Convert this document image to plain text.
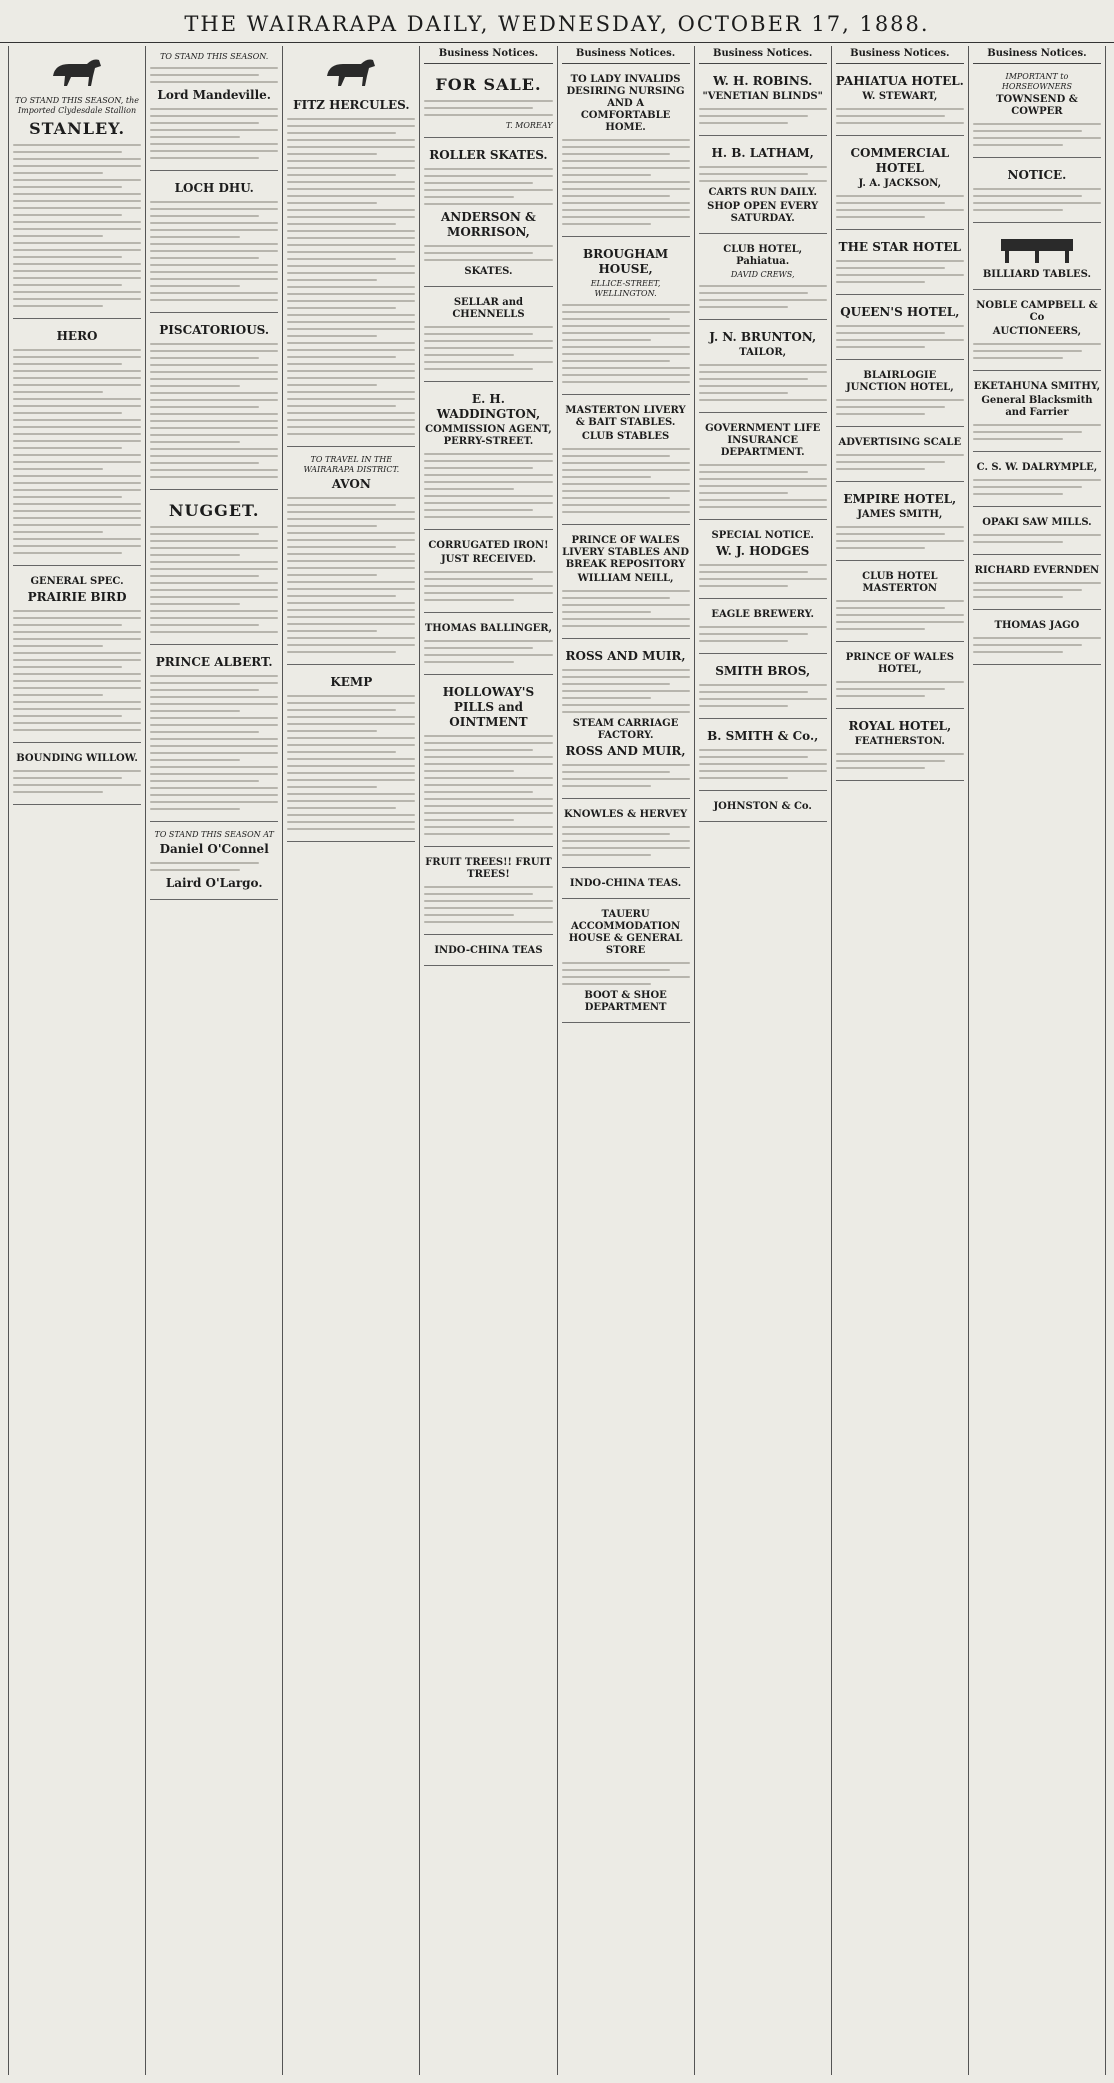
THE WAIRARAPA DAILY, WEDNESDAY, OCTOBER 17, 1888.
TO STAND THIS SEASON, the Imported Clydesdale Stallion
STANLEY.
HERO
GENERAL SPEC.
PRAIRIE BIRD
BOUNDING WILLOW.
TO STAND THIS SEASON.
Lord Mandeville.
LOCH DHU.
PISCATORIOUS.
NUGGET.
PRINCE ALBERT.
TO STAND THIS SEASON AT
Daniel O'Connel
Laird O'Largo.
FITZ HERCULES.
TO TRAVEL IN THE WAIRARAPA DISTRICT.
AVON
KEMP
Business Notices.
FOR SALE.
T. MOREAY
ROLLER SKATES.
ANDERSON & MORRISON,
SKATES.
SELLAR and CHENNELLS
E. H. WADDINGTON,
COMMISSION AGENT, PERRY-STREET.
CORRUGATED IRON!
JUST RECEIVED.
THOMAS BALLINGER,
HOLLOWAY'S PILLS and OINTMENT
FRUIT TREES!! FRUIT TREES!
INDO-CHINA TEAS
Business Notices.
TO LADY INVALIDS DESIRING NURSING AND A COMFORTABLE HOME.
BROUGHAM HOUSE,
ELLICE-STREET, WELLINGTON.
MASTERTON LIVERY & BAIT STABLES.
CLUB STABLES
PRINCE OF WALES LIVERY STABLES AND BREAK REPOSITORY
WILLIAM NEILL,
ROSS AND MUIR,
STEAM CARRIAGE FACTORY.
ROSS AND MUIR,
KNOWLES & HERVEY
INDO-CHINA TEAS.
TAUERU ACCOMMODATION HOUSE & GENERAL STORE
BOOT & SHOE DEPARTMENT
Business Notices.
W. H. ROBINS.
"VENETIAN BLINDS"
H. B. LATHAM,
CARTS RUN DAILY.
SHOP OPEN EVERY SATURDAY.
CLUB HOTEL, Pahiatua.
DAVID CREWS,
J. N. BRUNTON,
TAILOR,
GOVERNMENT LIFE INSURANCE DEPARTMENT.
SPECIAL NOTICE.
W. J. HODGES
EAGLE BREWERY.
SMITH BROS,
B. SMITH & Co.,
JOHNSTON & Co.
Business Notices.
PAHIATUA HOTEL.
W. STEWART,
COMMERCIAL HOTEL
J. A. JACKSON,
THE STAR HOTEL
QUEEN'S HOTEL,
BLAIRLOGIE JUNCTION HOTEL,
ADVERTISING SCALE
EMPIRE HOTEL,
JAMES SMITH,
CLUB HOTEL MASTERTON
PRINCE OF WALES HOTEL,
ROYAL HOTEL,
FEATHERSTON.
Business Notices.
IMPORTANT to HORSEOWNERS
TOWNSEND & COWPER
NOTICE.
BILLIARD TABLES.
NOBLE CAMPBELL & Co
AUCTIONEERS,
EKETAHUNA SMITHY,
General Blacksmith and Farrier
C. S. W. DALRYMPLE,
OPAKI SAW MILLS.
RICHARD EVERNDEN
THOMAS JAGO
